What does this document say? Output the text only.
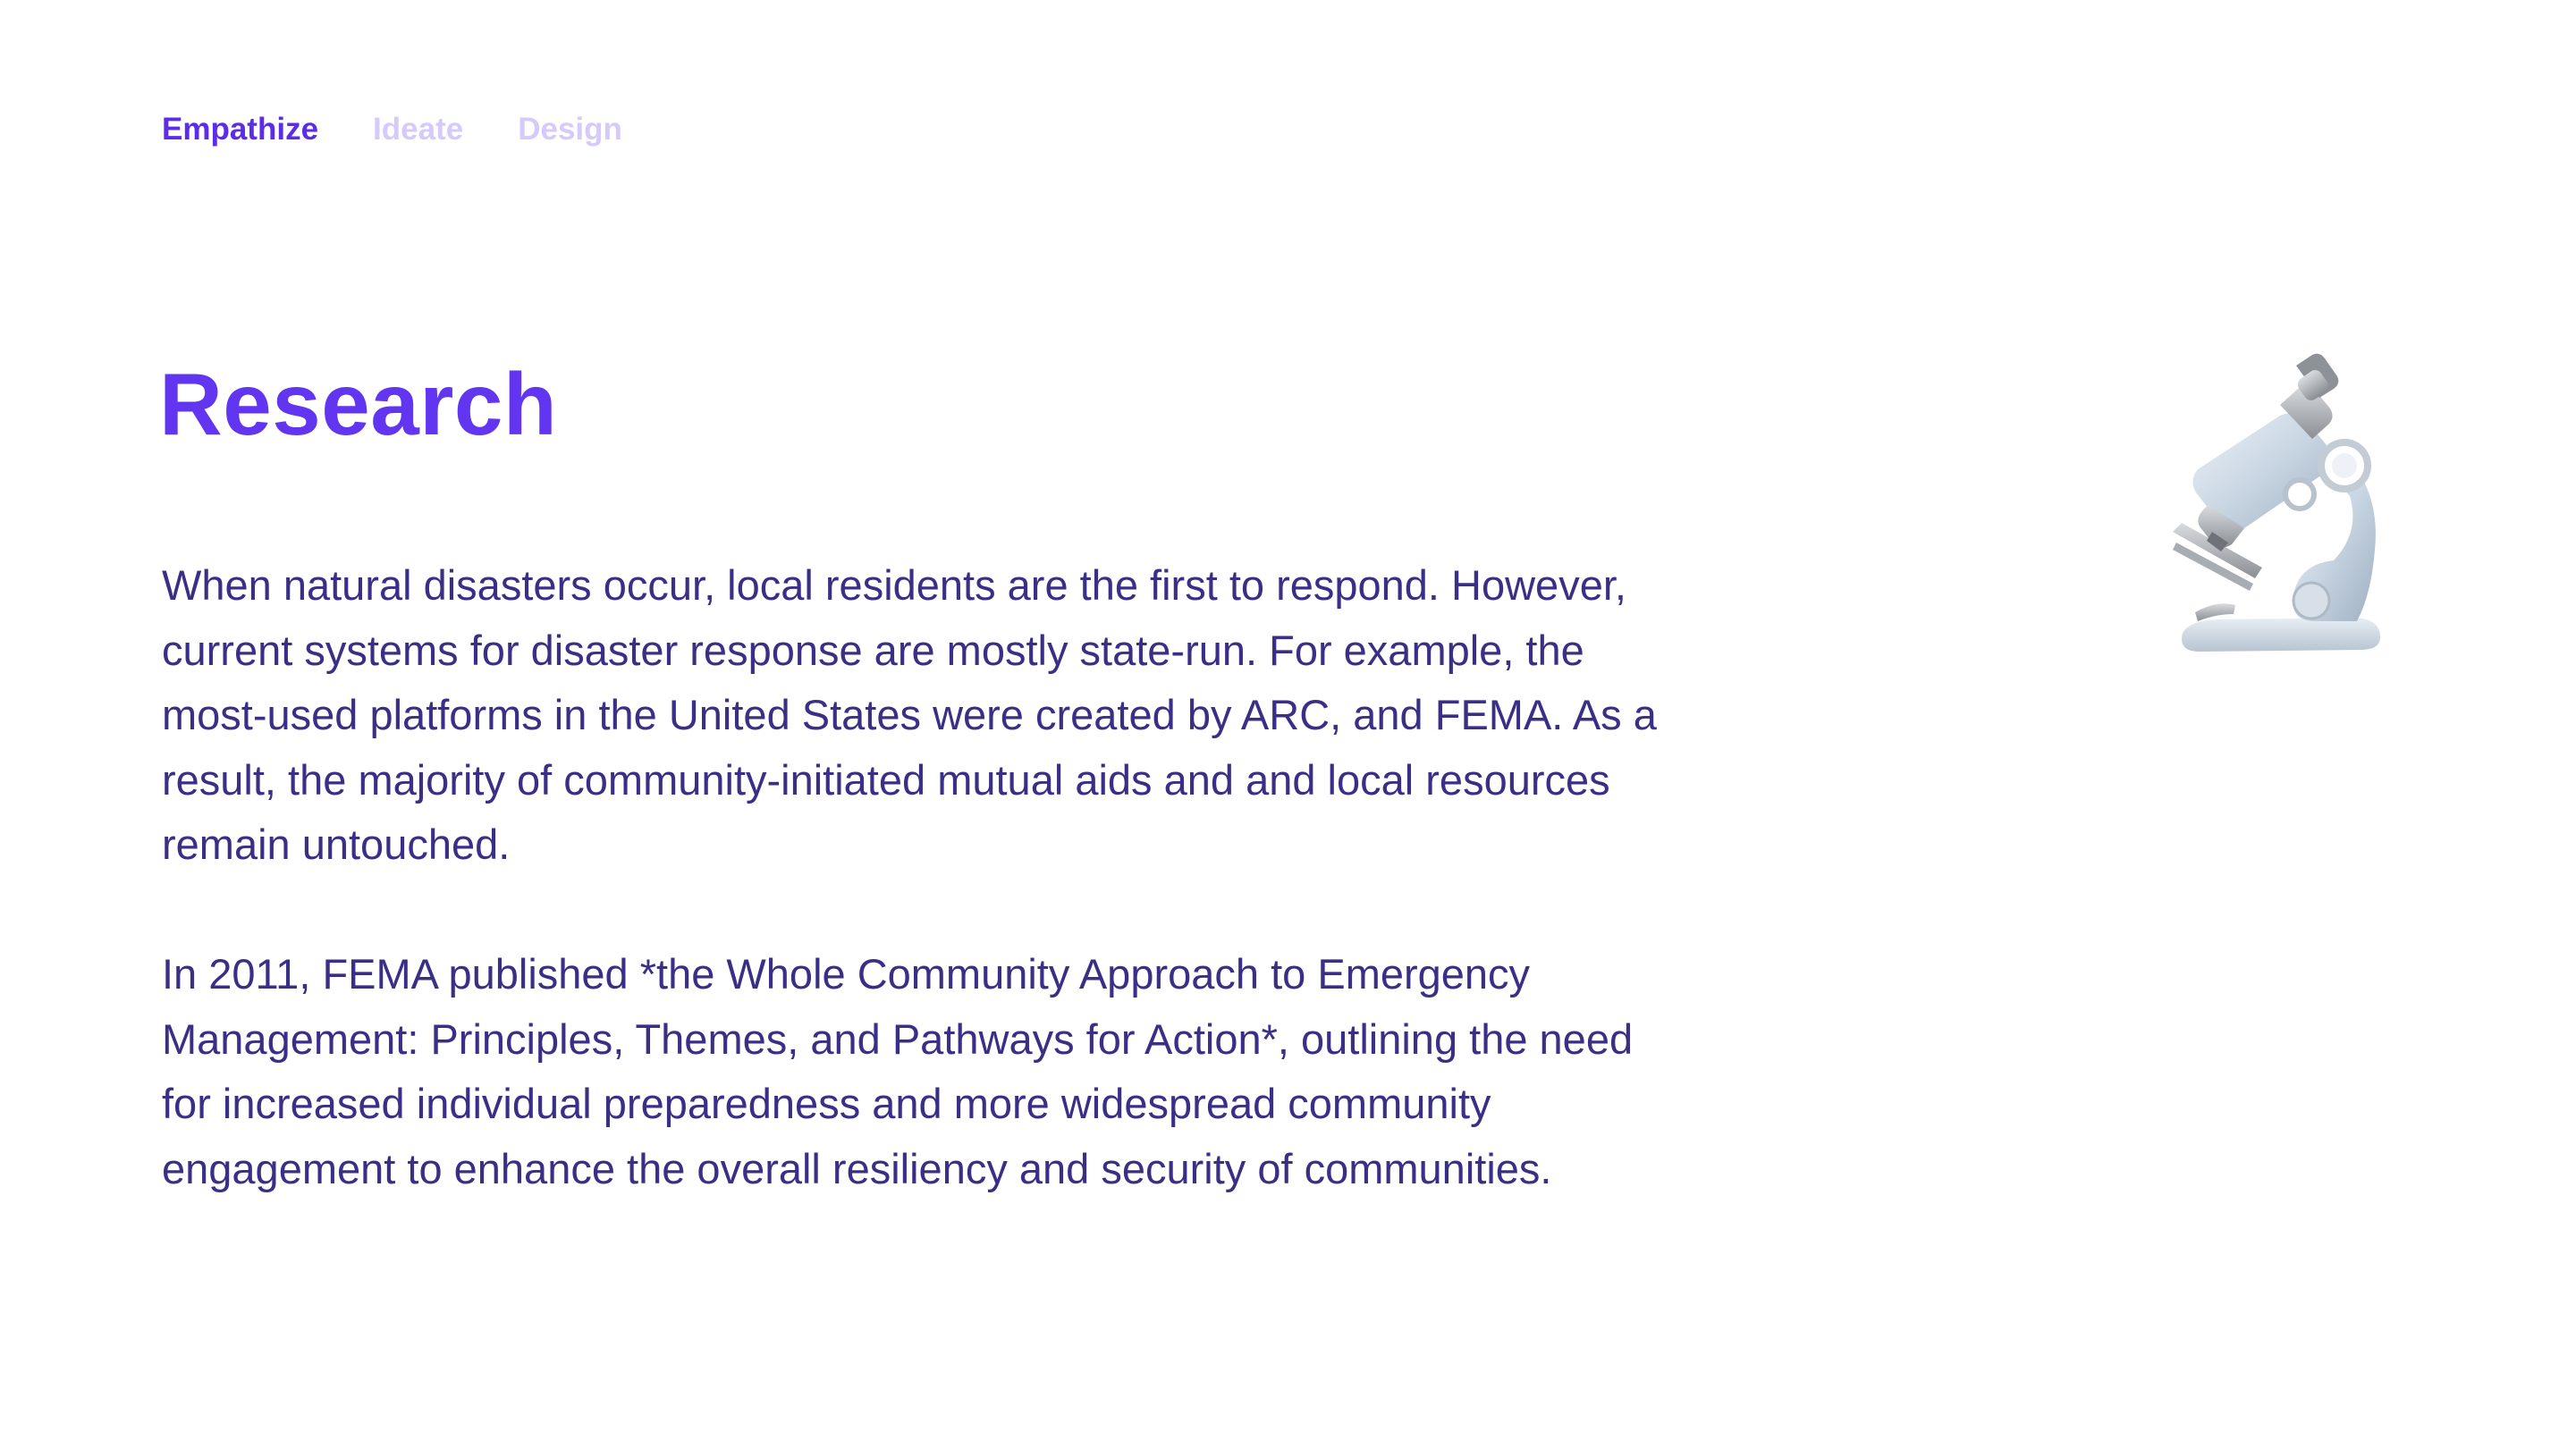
Empathize Ideate Design
Research

When natural disasters occur, local residents are the first to respond. However, current systems for disaster response are mostly state-run. For example, the most-used platforms in the United States were created by ARC, and FEMA. As a result, the majority of community-initiated mutual aids and and local resources remain untouched.

In 2011, FEMA published *the Whole Community Approach to Emergency Management: Principles, Themes, and Pathways for Action*, outlining the need for increased individual preparedness and more widespread community engagement to enhance the overall resiliency and security of communities.
